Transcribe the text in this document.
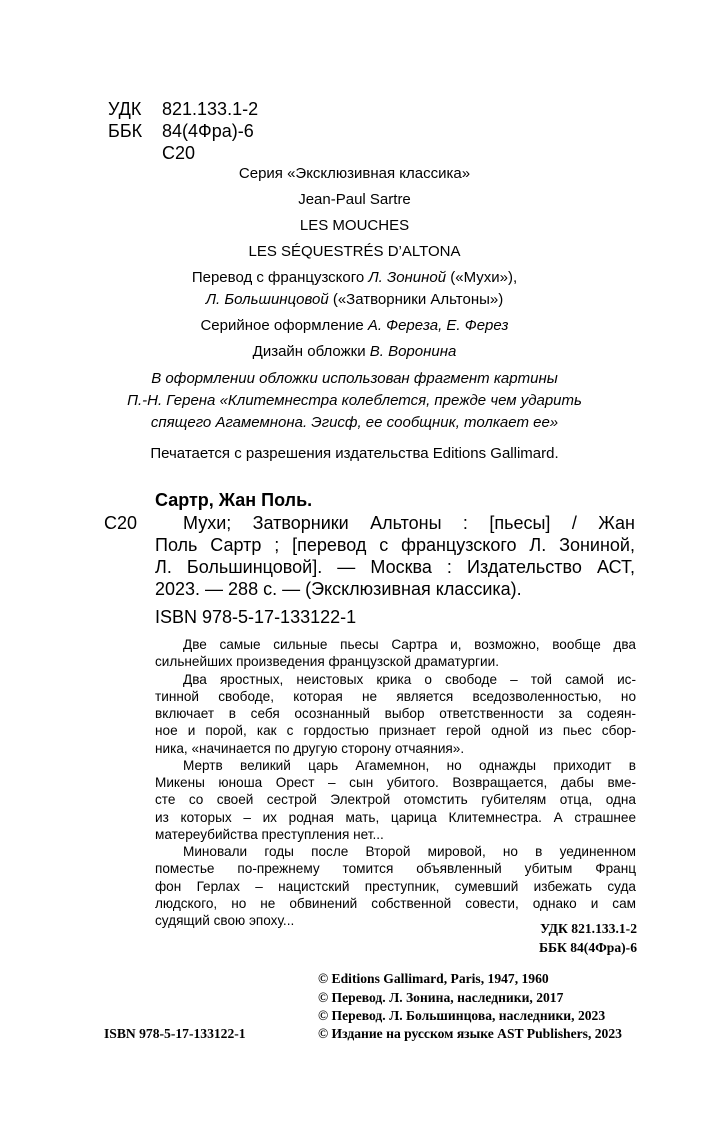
УДК 821.133.1-2
ББК 84(4Фра)-6
С20
Серия «Эксклюзивная классика»
Jean-Paul Sartre
LES MOUCHES
LES SÉQUESTRÉS D’ALTONA
Перевод с французского Л. Зониной («Мухи»),
Л. Большинцовой («Затворники Альтоны»)
Серийное оформление А. Фереза, Е. Ферез
Дизайн обложки В. Воронина
В оформлении обложки использован фрагмент картины
П.-Н. Герена «Клитемнестра колеблется, прежде чем ударить
спящего Агамемнона. Эгисф, ее сообщник, толкает ее»
Печатается с разрешения издательства Editions Gallimard.
Сартр, Жан Поль.
С20	Мухи; Затворники Альтоны : [пьесы] / Жан
Поль Сартр ; [перевод с французского Л. Зониной,
Л. Большинцовой]. — Москва : Издательство АСТ,
2023. — 288 с. — (Эксклюзивная классика).
ISBN 978-5-17-133122-1
Две самые сильные пьесы Сартра и, возможно, вообще два
сильнейших произведения французской драматургии.
Два яростных, неистовых крика о свободе – той самой ис-
тинной свободе, которая не является вседозволенностью, но
включает в себя осознанный выбор ответственности за содеян-
ное и порой, как с гордостью признает герой одной из пьес сбор-
ника, «начинается по другую сторону отчаяния».
Мертв великий царь Агамемнон, но однажды приходит в
Микены юноша Орест – сын убитого. Возвращается, дабы вме-
сте со своей сестрой Электрой отомстить губителям отца, одна
из которых – их родная мать, царица Клитемнестра. А страшнее
матереубийства преступления нет...
Миновали годы после Второй мировой, но в уединенном
поместье по-прежнему томится объявленный убитым Франц
фон Герлах – нацистский преступник, сумевший избежать суда
людского, но не обвинений собственной совести, однако и сам
судящий свою эпоху...
УДК 821.133.1-2
ББК 84(4Фра)-6
© Editions Gallimard, Paris, 1947, 1960
© Перевод. Л. Зонина, наследники, 2017
© Перевод. Л. Большинцова, наследники, 2023
© Издание на русском языке AST Publishers, 2023
ISBN 978-5-17-133122-1
